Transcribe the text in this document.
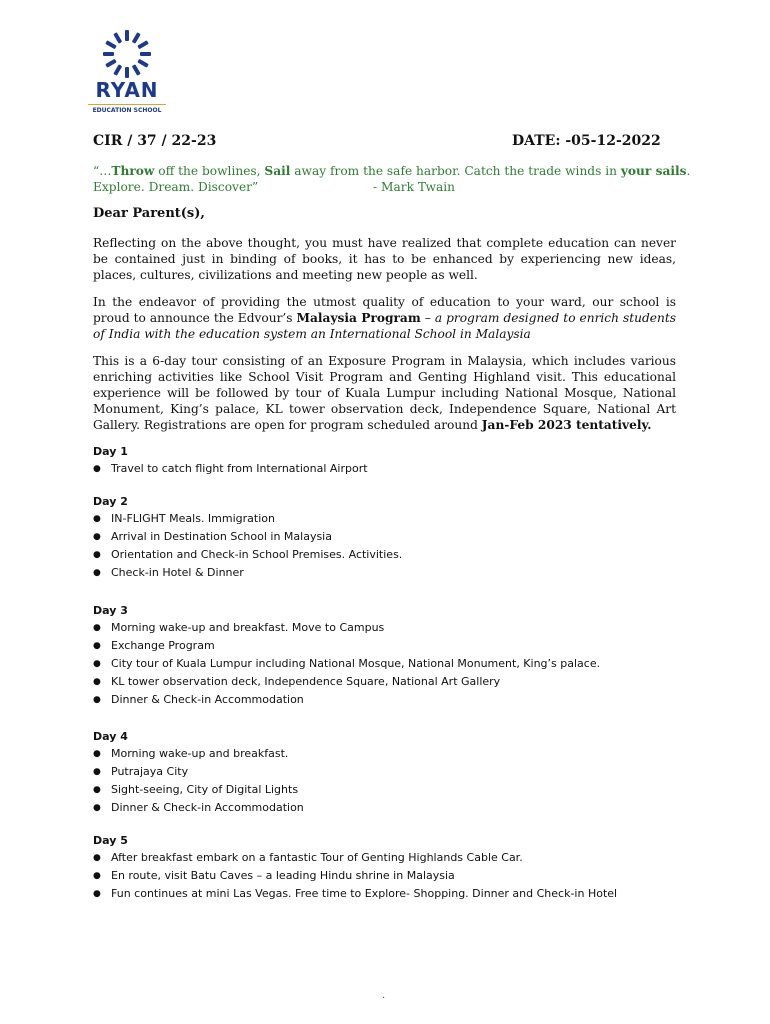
RYAN
EDUCATION SCHOOL
CIR / 37 / 22-23	DATE: -05-12-2022
“…Throw off the bowlines, Sail away from the safe harbor. Catch the trade winds in your sails.
Explore. Dream. Discover”	- Mark Twain
Dear Parent(s),
Reflecting on the above thought, you must have realized that complete education can never be contained just in binding of books, it has to be enhanced by experiencing new ideas, places, cultures, civilizations and meeting new people as well.
In the endeavor of providing the utmost quality of education to your ward, our school is proud to announce the Edvour’s Malaysia Program – a program designed to enrich students of India with the education system an International School in Malaysia
This is a 6-day tour consisting of an Exposure Program in Malaysia, which includes various enriching activities like School Visit Program and Genting Highland visit. This educational experience will be followed by tour of Kuala Lumpur including National Mosque, National Monument, King’s palace, KL tower observation deck, Independence Square, National Art Gallery. Registrations are open for program scheduled around Jan-Feb 2023 tentatively.
Day 1
● Travel to catch flight from International Airport
Day 2
● IN-FLIGHT Meals. Immigration
● Arrival in Destination School in Malaysia
● Orientation and Check-in School Premises. Activities.
● Check-in Hotel & Dinner
Day 3
● Morning wake-up and breakfast. Move to Campus
● Exchange Program
● City tour of Kuala Lumpur including National Mosque, National Monument, King’s palace.
● KL tower observation deck, Independence Square, National Art Gallery
● Dinner & Check-in Accommodation
Day 4
● Morning wake-up and breakfast.
● Putrajaya City
● Sight-seeing, City of Digital Lights
● Dinner & Check-in Accommodation
Day 5
● After breakfast embark on a fantastic Tour of Genting Highlands Cable Car.
● En route, visit Batu Caves – a leading Hindu shrine in Malaysia
● Fun continues at mini Las Vegas. Free time to Explore- Shopping. Dinner and Check-in Hotel
.
